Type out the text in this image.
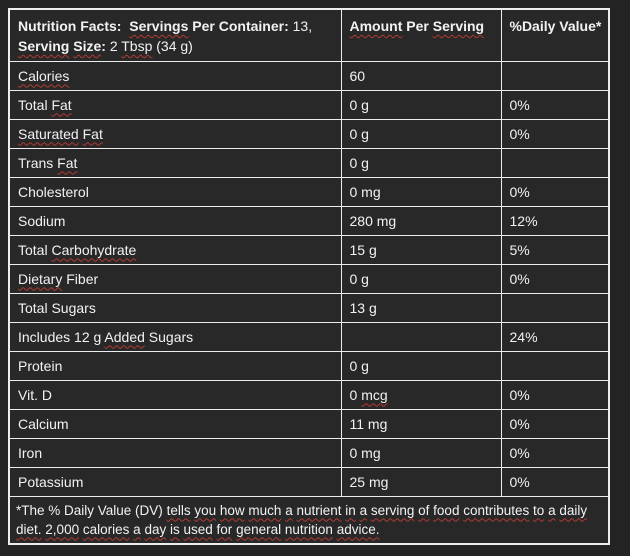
Nutrition Facts:  Servings Per Container: 13,
Serving Size: 2 Tbsp (34 g)	Amount Per Serving	%Daily Value*
Calories	60	
Total Fat	0 g	0%
Saturated Fat	0 g	0%
Trans Fat	0 g	
Cholesterol	0 mg	0%
Sodium	280 mg	12%
Total Carbohydrate	15 g	5%
Dietary Fiber	0 g	0%
Total Sugars	13 g	
Includes 12 g Added Sugars		24%
Protein	0 g	
Vit. D	0 mcg	0%
Calcium	11 mg	0%
Iron	0 mg	0%
Potassium	25 mg	0%
*The % Daily Value (DV) tells you how much a nutrient in a serving of food contributes to a daily diet. 2,000 calories a day is used for general nutrition advice.		
